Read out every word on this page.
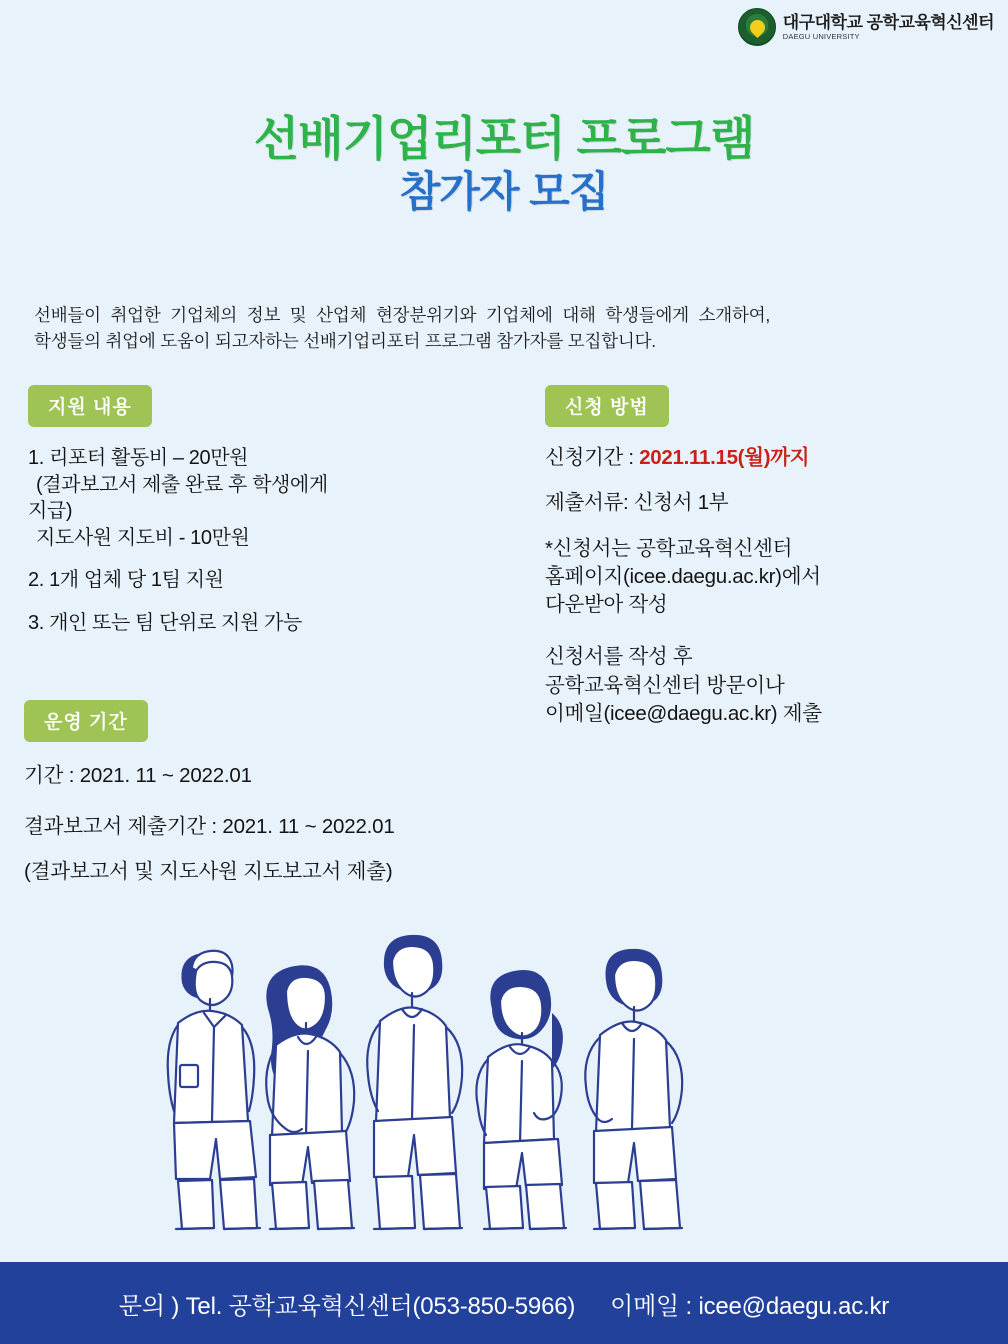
대구대학교 공학교육혁신센터
DAEGU UNIVERSITY
선배기업리포터 프로그램
참가자 모집
선배들이 취업한 기업체의 정보 및 산업체 현장분위기와 기업체에 대해 학생들에게 소개하여,
학생들의 취업에 도움이 되고자하는 선배기업리포터 프로그램 참가자를 모집합니다.
지원 내용
1. 리포터 활동비 – 20만원
(결과보고서 제출 완료 후 학생에게
지급)
지도사원 지도비 - 10만원
2. 1개 업체 당 1팀 지원
3. 개인 또는 팀 단위로 지원 가능
신청 방법
신청기간 : 2021.11.15(월)까지
제출서류: 신청서 1부
*신청서는 공학교육혁신센터
홈페이지(icee.daegu.ac.kr)에서
다운받아 작성
신청서를 작성 후
공학교육혁신센터 방문이나
이메일(icee@daegu.ac.kr) 제출
운영 기간
기간 : 2021. 11 ~ 2022.01
결과보고서 제출기간 : 2021. 11 ~ 2022.01
(결과보고서 및 지도사원 지도보고서 제출)
문의 ) Tel. 공학교육혁신센터(053-850-5966) 이메일 : icee@daegu.ac.kr
